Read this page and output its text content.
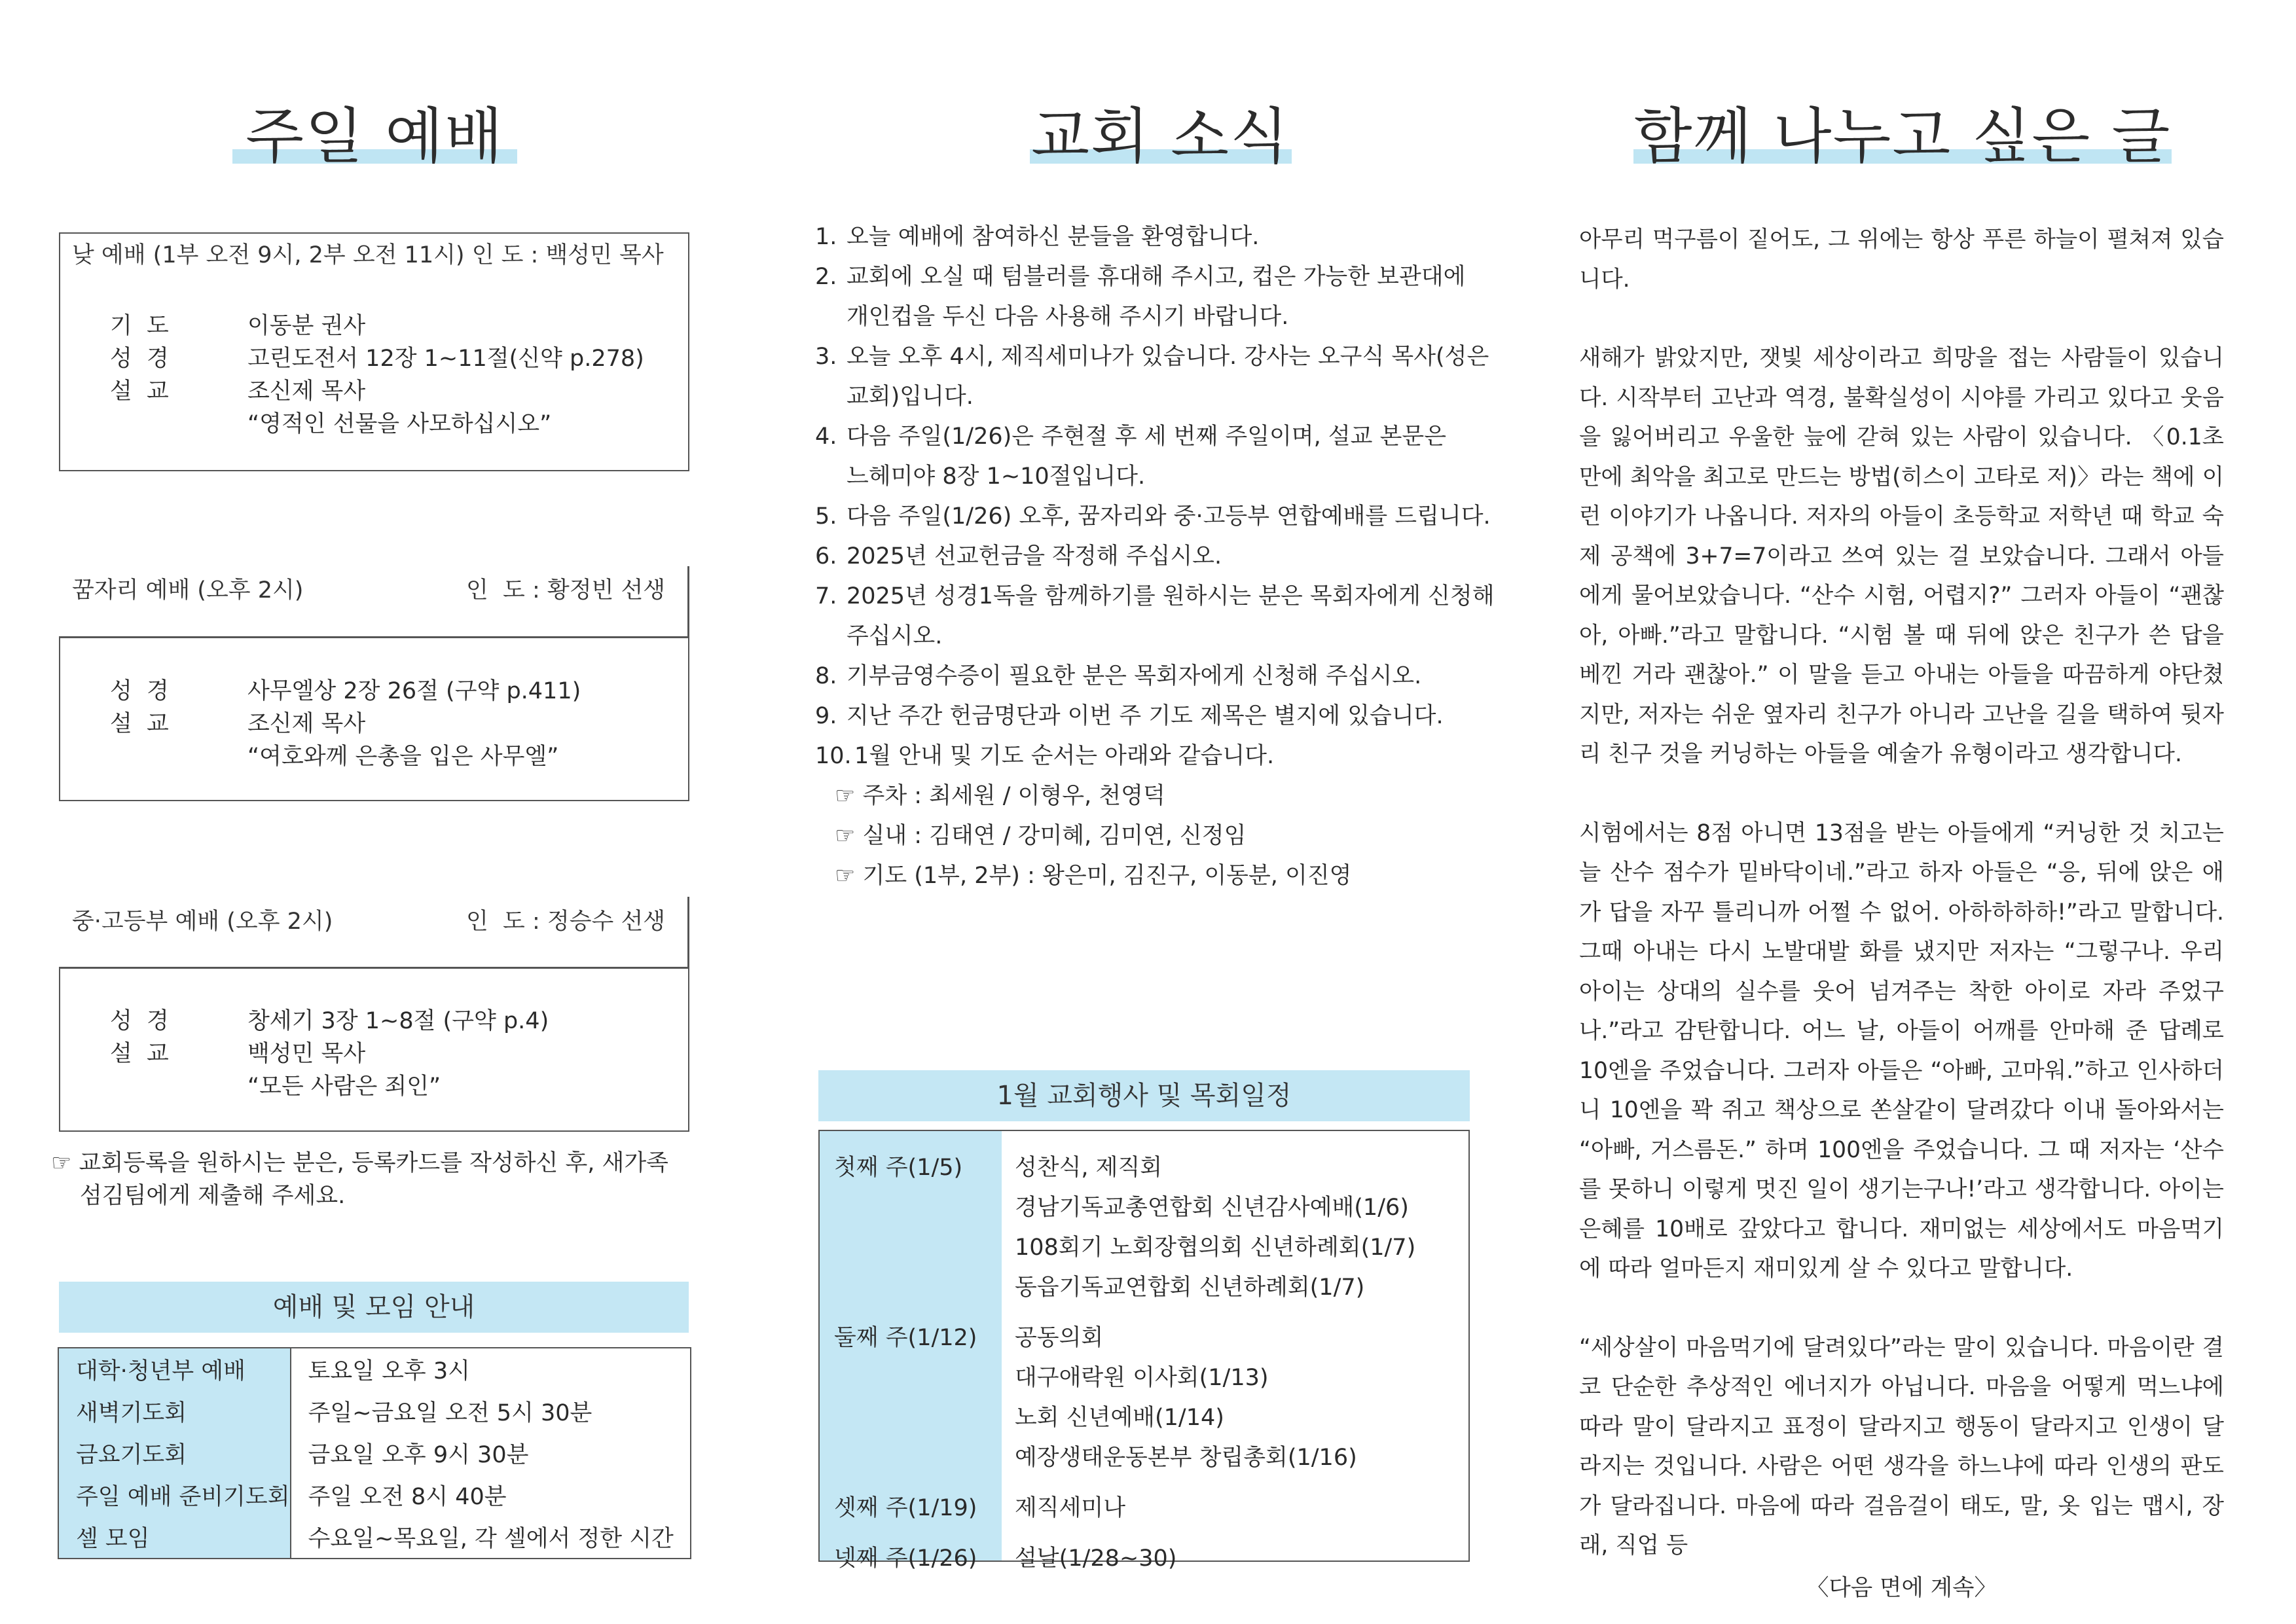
주일 예배
낮 예배 (1부 오전 9시, 2부 오전 11시) 인 도 : 백성민 목사
기  도	이동분 권사
성  경	고린도전서 12장 1~11절(신약 p.278)
설  교	조신제 목사
“영적인 선물을 사모하십시오”
꿈자리 예배 (오후 2시)	인  도 : 황정빈 선생
성  경	사무엘상 2장 26절 (구약 p.411)
설  교	조신제 목사
“여호와께 은총을 입은 사무엘”
중·고등부 예배 (오후 2시)	인  도 : 정승수 선생
성  경	창세기 3장 1~8절 (구약 p.4)
설  교	백성민 목사
“모든 사람은 죄인”
☞ 교회등록을 원하시는 분은, 등록카드를 작성하신 후, 새가족
섬김팀에게 제출해 주세요.
예배 및 모임 안내
대학·청년부 예배	토요일 오후 3시
새벽기도회	주일~금요일 오전 5시 30분
금요기도회	금요일 오후 9시 30분
주일 예배 준비기도회	주일 오전 8시 40분
셀 모임	수요일~목요일, 각 셀에서 정한 시간
교회 소식
1. 오늘 예배에 참여하신 분들을 환영합니다.
2. 교회에 오실 때 텀블러를 휴대해 주시고, 컵은 가능한 보관대에
개인컵을 두신 다음 사용해 주시기 바랍니다.
3. 오늘 오후 4시, 제직세미나가 있습니다. 강사는 오구식 목사(성은
교회)입니다.
4. 다음 주일(1/26)은 주현절 후 세 번째 주일이며, 설교 본문은
느헤미야 8장 1~10절입니다.
5. 다음 주일(1/26) 오후, 꿈자리와 중·고등부 연합예배를 드립니다.
6. 2025년 선교헌금을 작정해 주십시오.
7. 2025년 성경1독을 함께하기를 원하시는 분은 목회자에게 신청해
주십시오.
8. 기부금영수증이 필요한 분은 목회자에게 신청해 주십시오.
9. 지난 주간 헌금명단과 이번 주 기도 제목은 별지에 있습니다.
10. 1월 안내 및 기도 순서는 아래와 같습니다.
☞ 주차 : 최세원 / 이형우, 천영덕
☞ 실내 : 김태연 / 강미혜, 김미연, 신정임
☞ 기도 (1부, 2부) : 왕은미, 김진구, 이동분, 이진영
1월 교회행사 및 목회일정
첫째 주(1/5) 성찬식, 제직회
경남기독교총연합회 신년감사예배(1/6)
108회기 노회장협의회 신년하례회(1/7)
동읍기독교연합회 신년하례회(1/7)
둘째 주(1/12) 공동의회
대구애락원 이사회(1/13)
노회 신년예배(1/14)
예장생태운동본부 창립총회(1/16)
셋째 주(1/19) 제직세미나
넷째 주(1/26) 설날(1/28~30)
함께 나누고 싶은 글

아무리 먹구름이 짙어도, 그 위에는 항상 푸른 하늘이 펼쳐져 있습니다.

새해가 밝았지만, 잿빛 세상이라고 희망을 접는 사람들이 있습니다. 시작부터 고난과 역경, 불확실성이 시야를 가리고 있다고 웃음을 잃어버리고 우울한 늪에 갇혀 있는 사람이 있습니다. 〈0.1초 만에 최악을 최고로 만드는 방법(히스이 고타로 저)〉라는 책에 이런 이야기가 나옵니다. 저자의 아들이 초등학교 저학년 때 학교 숙제 공책에 3+7=7이라고 쓰여 있는 걸 보았습니다. 그래서 아들에게 물어보았습니다. “산수 시험, 어렵지?” 그러자 아들이 “괜찮아, 아빠.”라고 말합니다. “시험 볼 때 뒤에 앉은 친구가 쓴 답을 베낀 거라 괜찮아.” 이 말을 듣고 아내는 아들을 따끔하게 야단쳤지만, 저자는 쉬운 옆자리 친구가 아니라 고난을 길을 택하여 뒷자리 친구 것을 커닝하는 아들을 예술가 유형이라고 생각합니다.

시험에서는 8점 아니면 13점을 받는 아들에게 “커닝한 것 치고는 늘 산수 점수가 밑바닥이네.”라고 하자 아들은 “응, 뒤에 앉은 애가 답을 자꾸 틀리니까 어쩔 수 없어. 아하하하하!”라고 말합니다. 그때 아내는 다시 노발대발 화를 냈지만 저자는 “그렇구나. 우리 아이는 상대의 실수를 웃어 넘겨주는 착한 아이로 자라 주었구나.”라고 감탄합니다. 어느 날, 아들이 어깨를 안마해 준 답례로 10엔을 주었습니다. 그러자 아들은 “아빠, 고마워.”하고 인사하더니 10엔을 꽉 쥐고 책상으로 쏜살같이 달려갔다 이내 돌아와서는 “아빠, 거스름돈.” 하며 100엔을 주었습니다. 그 때 저자는 ‘산수를 못하니 이렇게 멋진 일이 생기는구나!’라고 생각합니다. 아이는 은혜를 10배로 갚았다고 합니다. 재미없는 세상에서도 마음먹기에 따라 얼마든지 재미있게 살 수 있다고 말합니다.

“세상살이 마음먹기에 달려있다”라는 말이 있습니다. 마음이란 결코 단순한 추상적인 에너지가 아닙니다. 마음을 어떻게 먹느냐에 따라 말이 달라지고 표정이 달라지고 행동이 달라지고 인생이 달라지는 것입니다. 사람은 어떤 생각을 하느냐에 따라 인생의 판도가 달라집니다. 마음에 따라 걸음걸이 태도, 말, 옷 입는 맵시, 장래, 직업 등

〈다음 면에 계속〉
